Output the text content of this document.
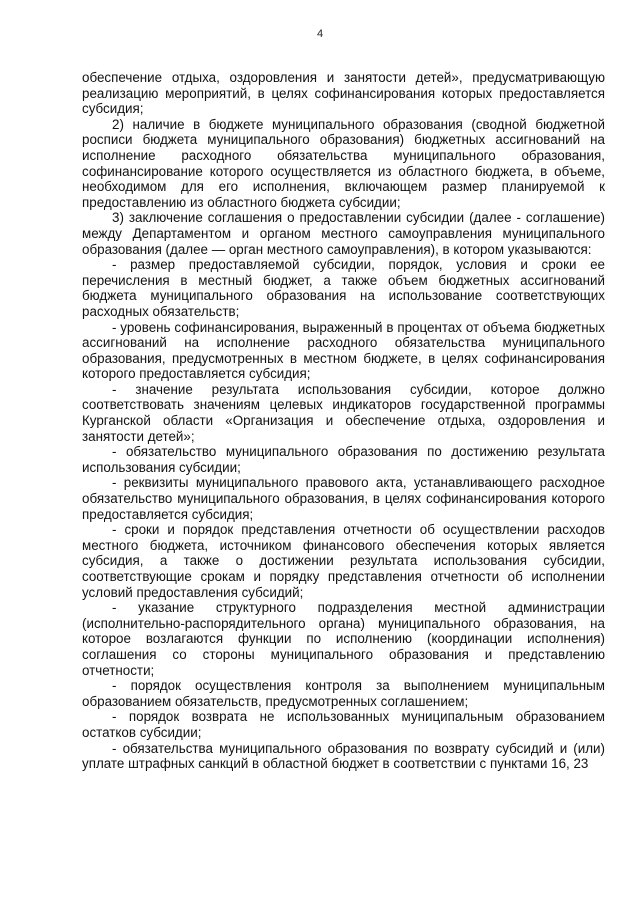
4

обеспечение отдыха, оздоровления и занятости детей», предусматривающую реализацию мероприятий, в целях софинансирования которых предоставляется субсидия;

2) наличие в бюджете муниципального образования (сводной бюджетной росписи бюджета муниципального образования) бюджетных ассигнований на исполнение расходного обязательства муниципального образования, софинансирование которого осуществляется из областного бюджета, в объеме, необходимом для его исполнения, включающем размер планируемой к предоставлению из областного бюджета субсидии;

3) заключение соглашения о предоставлении субсидии (далее - соглашение) между Департаментом и органом местного самоуправления муниципального образования (далее — орган местного самоуправления), в котором указываются:

- размер предоставляемой субсидии, порядок, условия и сроки ее перечисления в местный бюджет, а также объем бюджетных ассигнований бюджета муниципального образования на использование соответствующих расходных обязательств;

- уровень софинансирования, выраженный в процентах от объема бюджетных ассигнований на исполнение расходного обязательства муниципального образования, предусмотренных в местном бюджете, в целях софинансирования которого предоставляется субсидия;

- значение результата использования субсидии, которое должно соответствовать значениям целевых индикаторов государственной программы Курганской области «Организация и обеспечение отдыха, оздоровления и занятости детей»;

- обязательство муниципального образования по достижению результата использования субсидии;

- реквизиты муниципального правового акта, устанавливающего расходное обязательство муниципального образования, в целях софинансирования которого предоставляется субсидия;

- сроки и порядок представления отчетности об осуществлении расходов местного бюджета, источником финансового обеспечения которых является субсидия, а также о достижении результата использования субсидии, соответствующие срокам и порядку представления отчетности об исполнении условий предоставления субсидий;

- указание структурного подразделения местной администрации (исполнительно-распорядительного органа) муниципального образования, на которое возлагаются функции по исполнению (координации исполнения) соглашения со стороны муниципального образования и представлению отчетности;

- порядок осуществления контроля за выполнением муниципальным образованием обязательств, предусмотренных соглашением;

- порядок возврата не использованных муниципальным образованием остатков субсидии;

- обязательства муниципального образования по возврату субсидий и (или) уплате штрафных санкций в областной бюджет в соответствии с пунктами 16, 23
